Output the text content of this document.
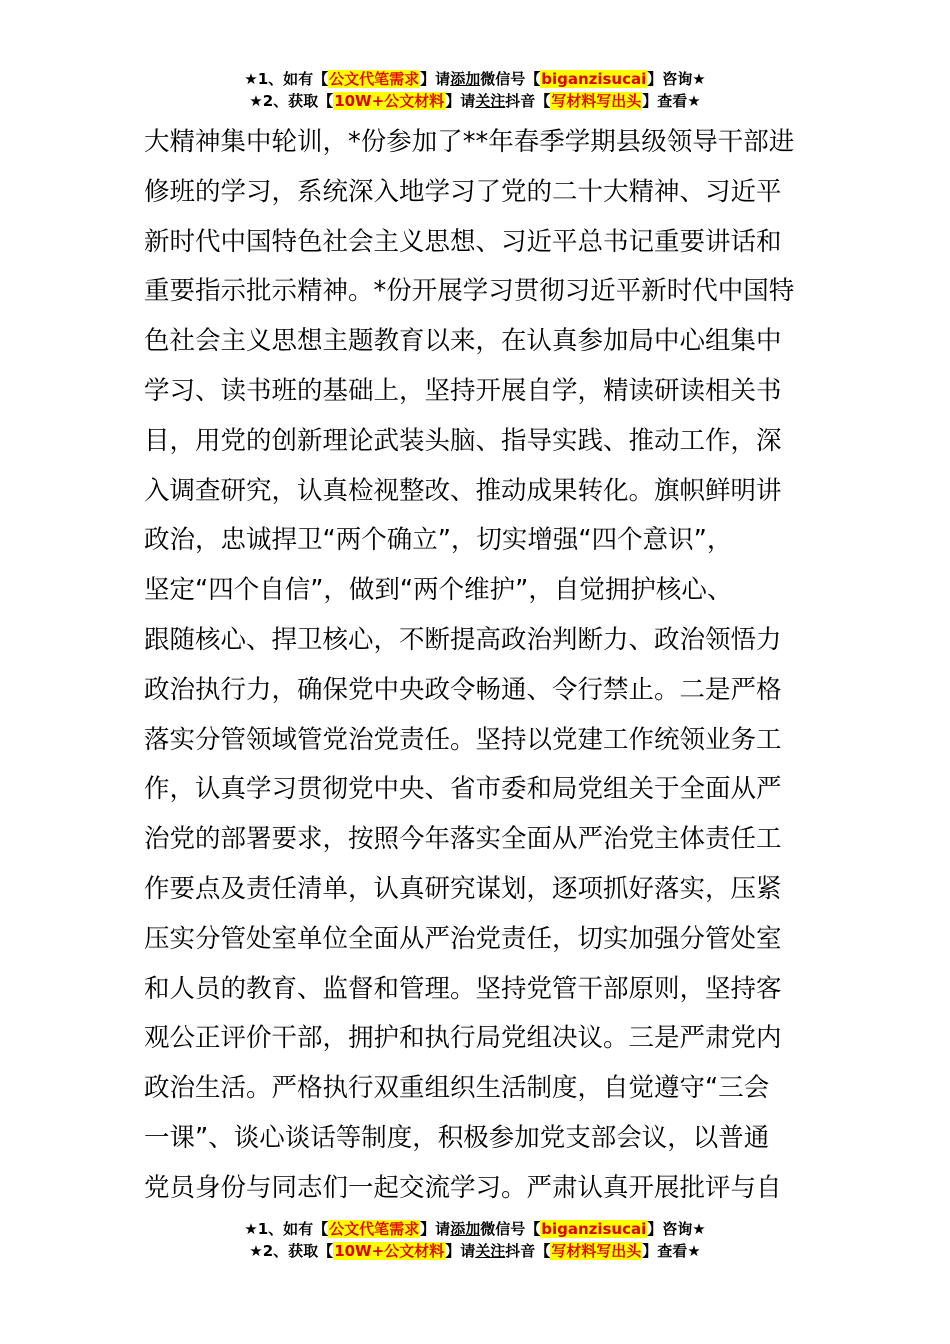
★1、如有【公文代笔需求】请添加微信号【biganzisucai】咨询★
★2、获取【10W+公文材料】请关注抖音【写材料写出头】查看★
大精神集中轮训，*份参加了**年春季学期县级领导干部进
修班的学习，系统深入地学习了党的二十大精神、习近平
新时代中国特色社会主义思想、习近平总书记重要讲话和
重要指示批示精神。*份开展学习贯彻习近平新时代中国特
色社会主义思想主题教育以来，在认真参加局中心组集中
学习、读书班的基础上，坚持开展自学，精读研读相关书
目，用党的创新理论武装头脑、指导实践、推动工作，深
入调查研究，认真检视整改、推动成果转化。旗帜鲜明讲
政治，忠诚捍卫“两个确立”，切实增强“四个意识”，
坚定“四个自信”，做到“两个维护”，自觉拥护核心、
跟随核心、捍卫核心，不断提高政治判断力、政治领悟力
政治执行力，确保党中央政令畅通、令行禁止。二是严格
落实分管领域管党治党责任。坚持以党建工作统领业务工
作，认真学习贯彻党中央、省市委和局党组关于全面从严
治党的部署要求，按照今年落实全面从严治党主体责任工
作要点及责任清单，认真研究谋划，逐项抓好落实，压紧
压实分管处室单位全面从严治党责任，切实加强分管处室
和人员的教育、监督和管理。坚持党管干部原则，坚持客
观公正评价干部，拥护和执行局党组决议。三是严肃党内
政治生活。严格执行双重组织生活制度，自觉遵守“三会
一课”、谈心谈话等制度，积极参加党支部会议，以普通
党员身份与同志们一起交流学习。严肃认真开展批评与自
★1、如有【公文代笔需求】请添加微信号【biganzisucai】咨询★
★2、获取【10W+公文材料】请关注抖音【写材料写出头】查看★
